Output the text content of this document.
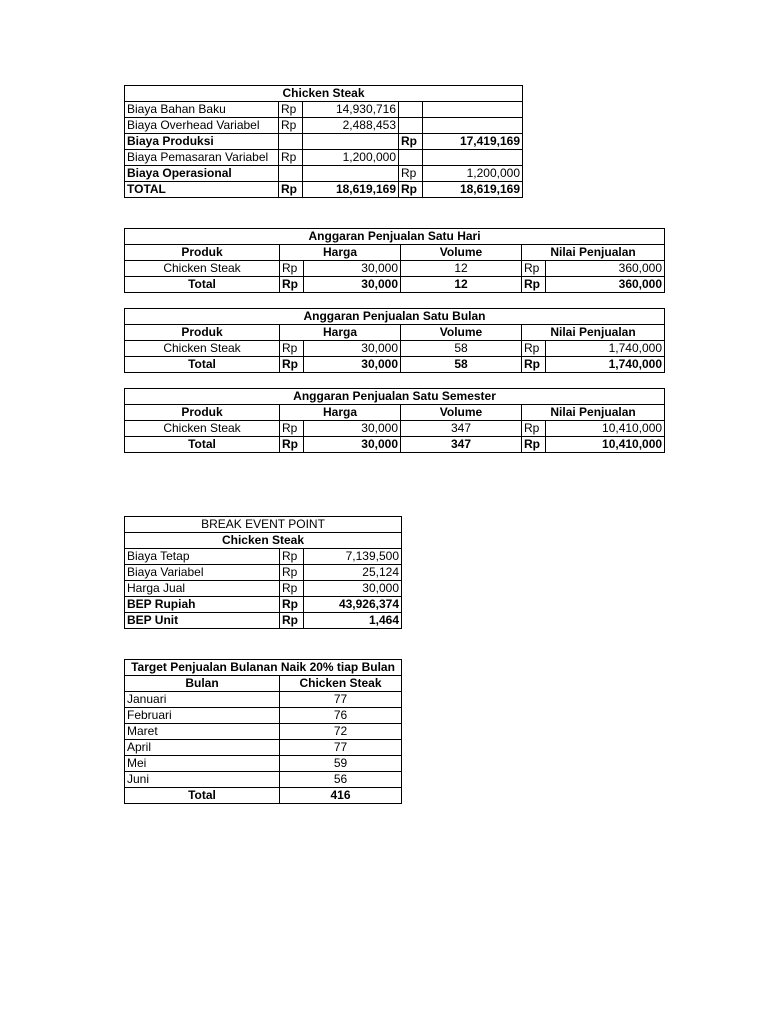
Chicken Steak				
Biaya Bahan Baku	Rp	14,930,716		
Biaya Overhead Variabel	Rp	2,488,453		
Biaya Produksi			Rp	17,419,169
Biaya Pemasaran Variabel	Rp	1,200,000		
Biaya Operasional			Rp	1,200,000
TOTAL	Rp	18,619,169	Rp	18,619,169
Anggaran Penjualan Satu Hari					
Produk	Harga		Volume	Nilai Penjualan	
Chicken Steak	Rp	30,000	12	Rp	360,000
Total	Rp	30,000	12	Rp	360,000
Anggaran Penjualan Satu Bulan					
Produk	Harga		Volume	Nilai Penjualan	
Chicken Steak	Rp	30,000	58	Rp	1,740,000
Total	Rp	30,000	58	Rp	1,740,000
Anggaran Penjualan Satu Semester					
Produk	Harga		Volume	Nilai Penjualan	
Chicken Steak	Rp	30,000	347	Rp	10,410,000
Total	Rp	30,000	347	Rp	10,410,000
BREAK EVENT POINT		
Chicken Steak		
Biaya Tetap	Rp	7,139,500
Biaya Variabel	Rp	25,124
Harga Jual	Rp	30,000
BEP Rupiah	Rp	43,926,374
BEP Unit	Rp	1,464
Target Penjualan Bulanan Naik 20% tiap Bulan	
Bulan	Chicken Steak
Januari	77
Februari	76
Maret	72
April	77
Mei	59
Juni	56
Total	416
